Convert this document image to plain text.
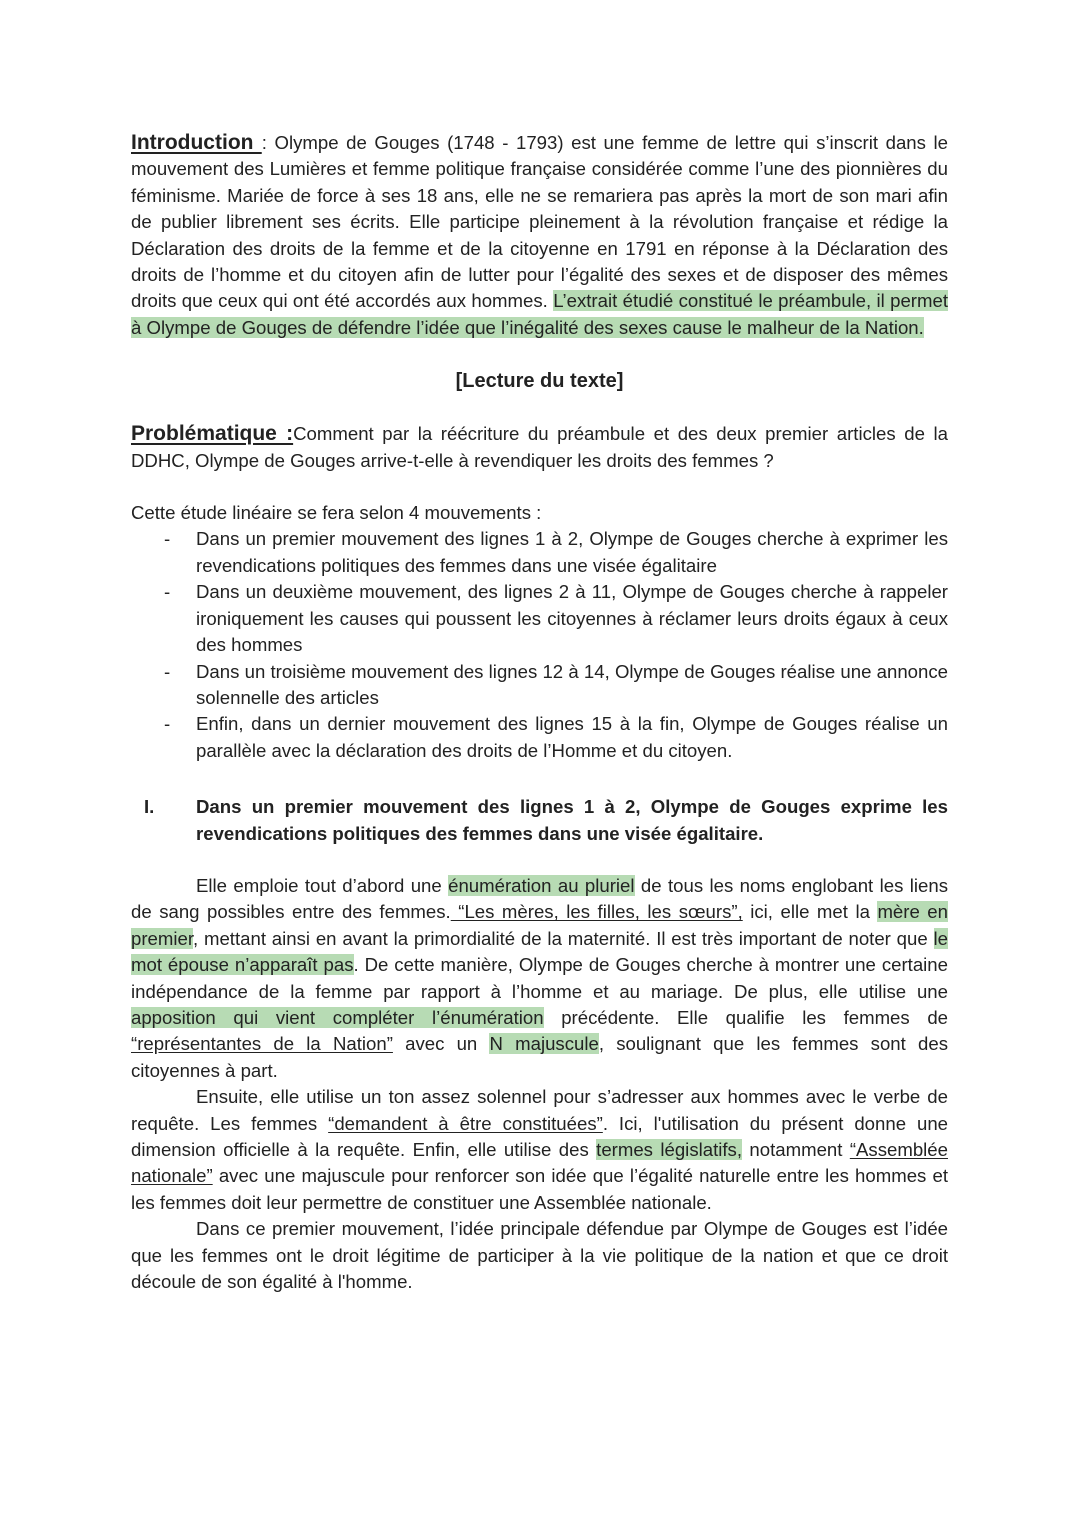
Introduction : Olympe de Gouges (1748 - 1793) est une femme de lettre qui s’inscrit dans le mouvement des Lumières et femme politique française considérée comme l’une des pionnières du féminisme. Mariée de force à ses 18 ans, elle ne se remariera pas après la mort de son mari afin de publier librement ses écrits. Elle participe pleinement à la révolution française et rédige la Déclaration des droits de la femme et de la citoyenne en 1791 en réponse à la Déclaration des droits de l’homme et du citoyen afin de lutter pour l’égalité des sexes et de disposer des mêmes droits que ceux qui ont été accordés aux hommes. L’extrait étudié constitué le préambule, il permet à Olympe de Gouges de défendre l’idée que l’inégalité des sexes cause le malheur de la Nation.

[Lecture du texte]

Problématique :Comment par la réécriture du préambule et des deux premier articles de la DDHC, Olympe de Gouges arrive-t-elle à revendiquer les droits des femmes ?

Cette étude linéaire se fera selon 4 mouvements :

- Dans un premier mouvement des lignes 1 à 2, Olympe de Gouges cherche à exprimer les revendications politiques des femmes dans une visée égalitaire
- Dans un deuxième mouvement, des lignes 2 à 11, Olympe de Gouges cherche à rappeler ironiquement les causes qui poussent les citoyennes à réclamer leurs droits égaux à ceux des hommes
- Dans un troisième mouvement des lignes 12 à 14, Olympe de Gouges réalise une annonce solennelle des articles
- Enfin, dans un dernier mouvement des lignes 15 à la fin, Olympe de Gouges réalise un parallèle avec la déclaration des droits de l’Homme et du citoyen.
I.	Dans un premier mouvement des lignes 1 à 2, Olympe de Gouges exprime les revendications politiques des femmes dans une visée égalitaire.

Elle emploie tout d’abord une énumération au pluriel de tous les noms englobant les liens de sang possibles entre des femmes. “Les mères, les filles, les sœurs”, ici, elle met la mère en premier, mettant ainsi en avant la primordialité de la maternité. Il est très important de noter que le mot épouse n’apparaît pas. De cette manière, Olympe de Gouges cherche à montrer une certaine indépendance de la femme par rapport à l’homme et au mariage. De plus, elle utilise une apposition qui vient compléter l’énumération précédente. Elle qualifie les femmes de “représentantes de la Nation” avec un N majuscule, soulignant que les femmes sont des citoyennes à part.

Ensuite, elle utilise un ton assez solennel pour s’adresser aux hommes avec le verbe de requête. Les femmes “demandent à être constituées”. Ici, l'utilisation du présent donne une dimension officielle à la requête. Enfin, elle utilise des termes législatifs, notamment “Assemblée nationale” avec une majuscule pour renforcer son idée que l’égalité naturelle entre les hommes et les femmes doit leur permettre de constituer une Assemblée nationale.

Dans ce premier mouvement, l’idée principale défendue par Olympe de Gouges est l’idée que les femmes ont le droit légitime de participer à la vie politique de la nation et que ce droit découle de son égalité à l'homme.
